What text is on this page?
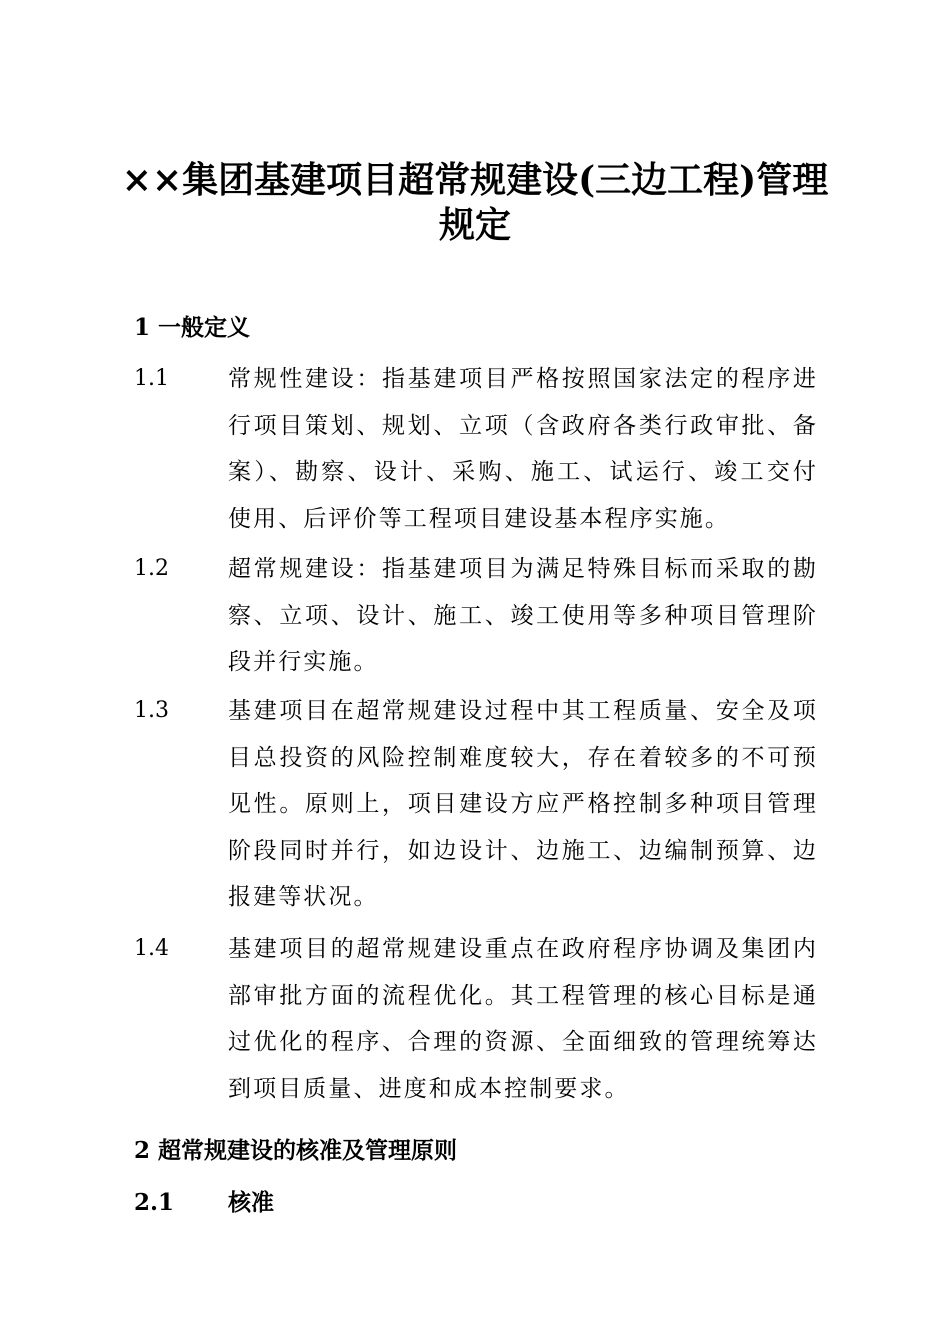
××集团基建项目超常规建设(三边工程)管理
规定
1 一般定义
1.1	常规性建设：指基建项目严格按照国家法定的程序进行项目策划、规划、立项（含政府各类行政审批、备案）、勘察、设计、采购、施工、试运行、竣工交付使用、后评价等工程项目建设基本程序实施。
1.2	超常规建设：指基建项目为满足特殊目标而采取的勘察、立项、设计、施工、竣工使用等多种项目管理阶段并行实施。
1.3	基建项目在超常规建设过程中其工程质量、安全及项目总投资的风险控制难度较大，存在着较多的不可预见性。原则上，项目建设方应严格控制多种项目管理阶段同时并行，如边设计、边施工、边编制预算、边报建等状况。
1.4	基建项目的超常规建设重点在政府程序协调及集团内部审批方面的流程优化。其工程管理的核心目标是通过优化的程序、合理的资源、全面细致的管理统筹达到项目质量、进度和成本控制要求。
2 超常规建设的核准及管理原则
2.1 核准
